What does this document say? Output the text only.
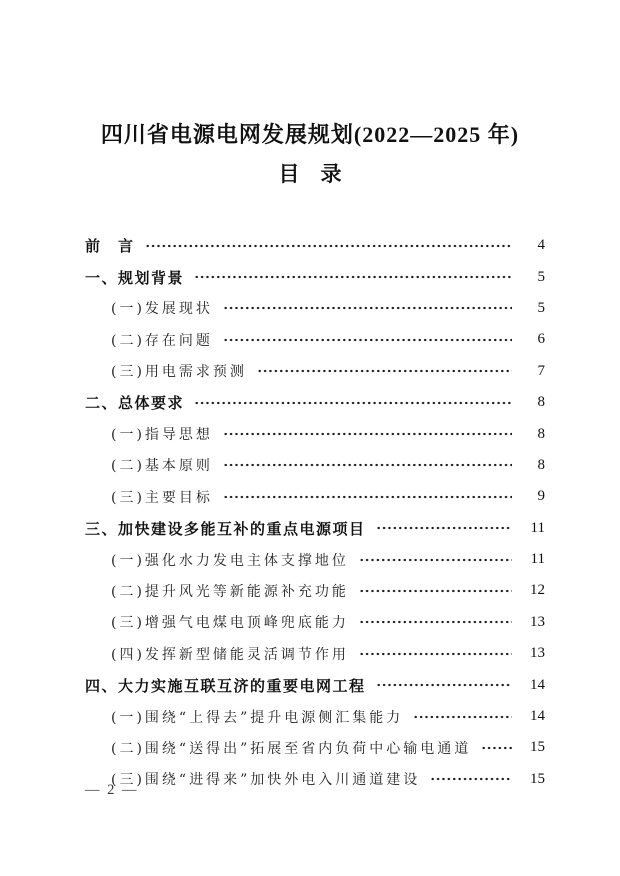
四川省电源电网发展规划(2022—2025 年)
目　录
前　言	4
一、规划背景	5
(一)发展现状	5
(二)存在问题	6
(三)用电需求预测	7
二、总体要求	8
(一)指导思想	8
(二)基本原则	8
(三)主要目标	9
三、加快建设多能互补的重点电源项目	11
(一)强化水力发电主体支撑地位	11
(二)提升风光等新能源补充功能	12
(三)增强气电煤电顶峰兜底能力	13
(四)发挥新型储能灵活调节作用	13
四、大力实施互联互济的重要电网工程	14
(一)围绕“上得去”提升电源侧汇集能力	14
(二)围绕“送得出”拓展至省内负荷中心输电通道	15
(三)围绕“进得来”加快外电入川通道建设	15
— 2 —
